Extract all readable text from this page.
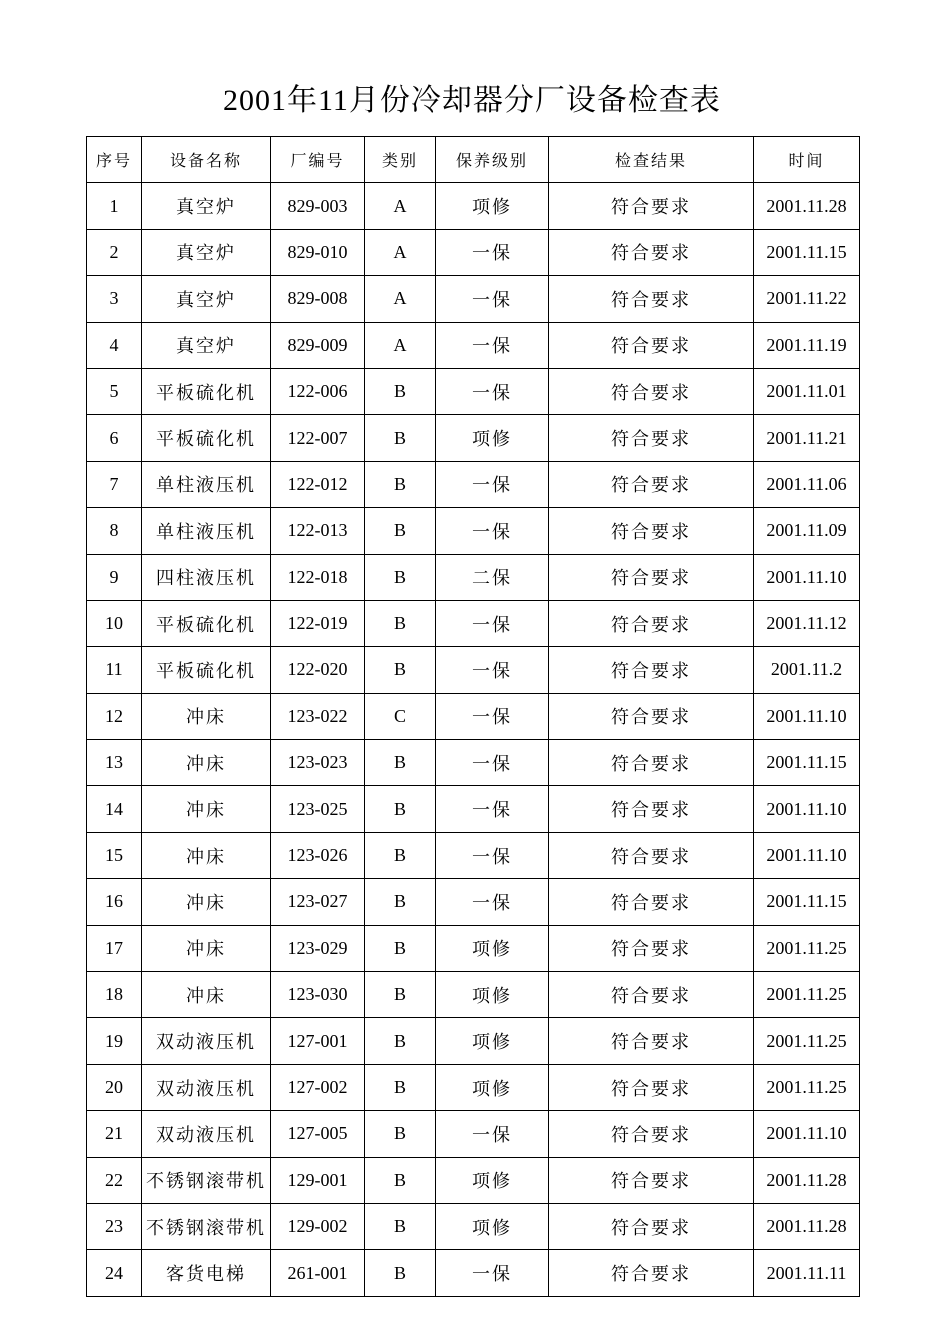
2001年11月份冷却器分厂设备检查表
序号	设备名称	厂编号	类别	保养级别	检查结果	时间
1	真空炉	829-003	A	项修	符合要求	2001.11.28
2	真空炉	829-010	A	一保	符合要求	2001.11.15
3	真空炉	829-008	A	一保	符合要求	2001.11.22
4	真空炉	829-009	A	一保	符合要求	2001.11.19
5	平板硫化机	122-006	B	一保	符合要求	2001.11.01
6	平板硫化机	122-007	B	项修	符合要求	2001.11.21
7	单柱液压机	122-012	B	一保	符合要求	2001.11.06
8	单柱液压机	122-013	B	一保	符合要求	2001.11.09
9	四柱液压机	122-018	B	二保	符合要求	2001.11.10
10	平板硫化机	122-019	B	一保	符合要求	2001.11.12
11	平板硫化机	122-020	B	一保	符合要求	2001.11.2
12	冲床	123-022	C	一保	符合要求	2001.11.10
13	冲床	123-023	B	一保	符合要求	2001.11.15
14	冲床	123-025	B	一保	符合要求	2001.11.10
15	冲床	123-026	B	一保	符合要求	2001.11.10
16	冲床	123-027	B	一保	符合要求	2001.11.15
17	冲床	123-029	B	项修	符合要求	2001.11.25
18	冲床	123-030	B	项修	符合要求	2001.11.25
19	双动液压机	127-001	B	项修	符合要求	2001.11.25
20	双动液压机	127-002	B	项修	符合要求	2001.11.25
21	双动液压机	127-005	B	一保	符合要求	2001.11.10
22	不锈钢滚带机	129-001	B	项修	符合要求	2001.11.28
23	不锈钢滚带机	129-002	B	项修	符合要求	2001.11.28
24	客货电梯	261-001	B	一保	符合要求	2001.11.11
